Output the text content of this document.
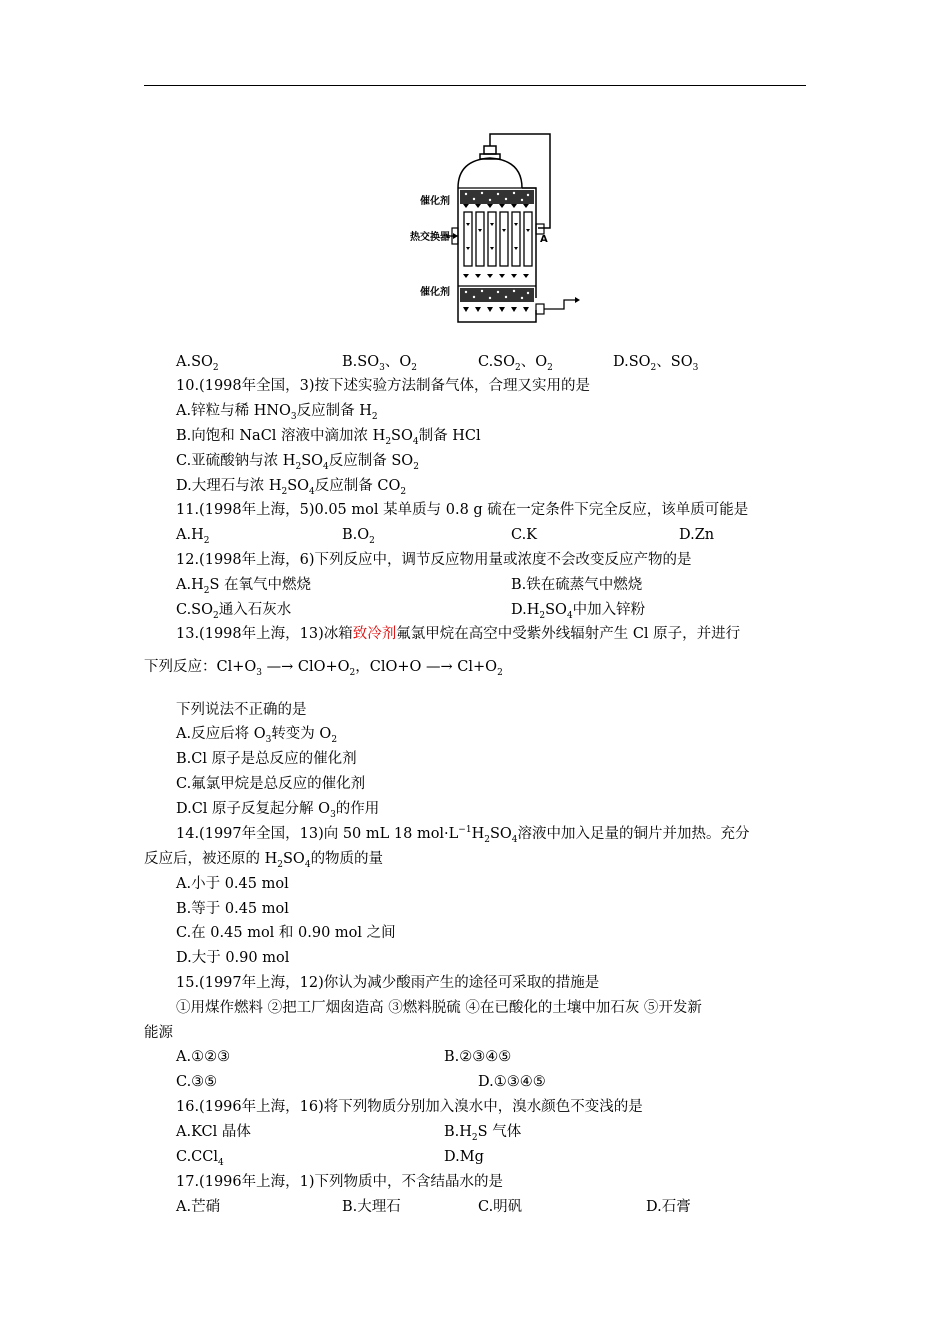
催化剂
热交换器	A
催化剂
$A.SO_2$	$B.SO_3$、$O_2$	$C.SO_2$、$O_2$	$D.SO_2$、$SO_3$
10.(1998年全国，3)按下述实验方法制备气体，合理又实用的是
A.锌粒与稀 $HNO_3$反应制备 $H_2$
B.向饱和 NaCl 溶液中滴加浓 $H_2SO_4$制备 HCl
C.亚硫酸钠与浓 $H_2SO_4$反应制备 $SO_2$
D.大理石与浓 $H_2SO_4$反应制备 $CO_2$
11.(1998年上海，5)0.05 mol 某单质与 0.8 g 硫在一定条件下完全反应，该单质可能是
$A.H_2$	$B.O_2$	C.K	D.Zn
12.(1998年上海，6)下列反应中，调节反应物用量或浓度不会改变反应产物的是
$A.H_2S$ 在氧气中燃烧	B.铁在硫蒸气中燃烧
$C.SO_2$通入石灰水	$D.H_2SO_4$中加入锌粉
13.(1998年上海，13)冰箱致冷剂氟氯甲烷在高空中受紫外线辐射产生 Cl 原子，并进行
下列反应：$Cl+O_3$ —→ $ClO+O_2$，ClO+O —→ $Cl+O_2$
下列说法不正确的是
A.反应后将 $O_3$转变为 $O_2$
B.Cl 原子是总反应的催化剂
C.氟氯甲烷是总反应的催化剂
D.Cl 原子反复起分解 $O_3$的作用
14.(1997年全国，13)向 50 mL 18 $mol\cdot L^{-1}H_2SO_4$溶液中加入足量的铜片并加热。充分
反应后，被还原的 $H_2SO_4$的物质的量
A.小于 0.45 mol
B.等于 0.45 mol
C.在 0.45 mol 和 0.90 mol 之间
D.大于 0.90 mol
15.(1997年上海，12)你认为减少酸雨产生的途径可采取的措施是
①用煤作燃料 ②把工厂烟囱造高 ③燃料脱硫 ④在已酸化的土壤中加石灰 ⑤开发新
能源
A.①②③	B.②③④⑤
C.③⑤	D.①③④⑤
16.(1996年上海，16)将下列物质分别加入溴水中，溴水颜色不变浅的是
A.KCl 晶体	$B.H_2S$ 气体
C.CCl$_4$	D.Mg
17.(1996年上海，1)下列物质中，不含结晶水的是
A.芒硝	B.大理石	C.明矾	D.石膏
